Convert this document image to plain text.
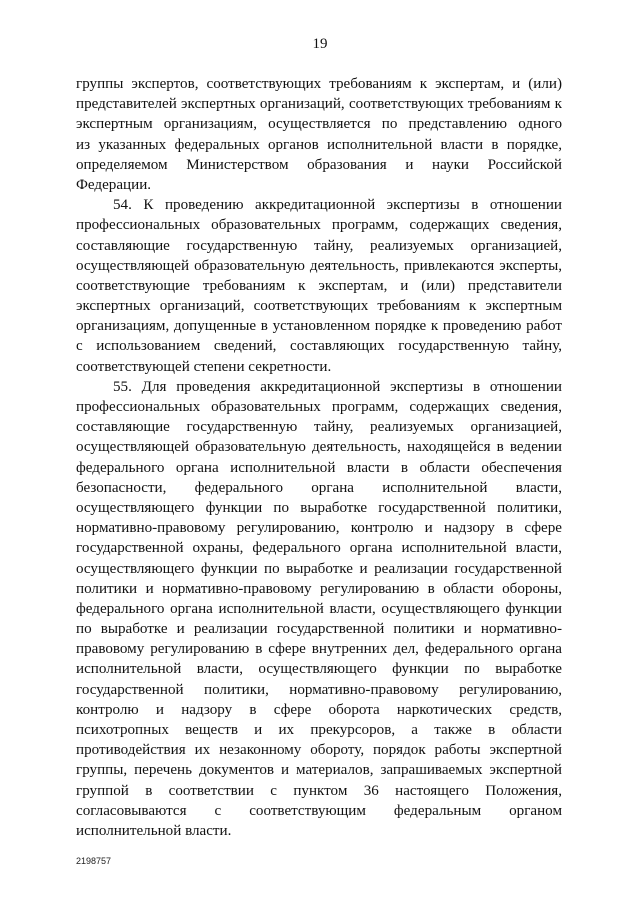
19
группы экспертов, соответствующих требованиям к экспертам, и (или)
представителей экспертных организаций, соответствующих требованиям к
экспертным организациям, осуществляется по представлению одного
из указанных федеральных органов исполнительной власти в порядке,
определяемом Министерством образования и науки Российской
Федерации.
54. К проведению аккредитационной экспертизы в отношении
профессиональных образовательных программ, содержащих сведения,
составляющие государственную тайну, реализуемых организацией,
осуществляющей образовательную деятельность, привлекаются эксперты,
соответствующие требованиям к экспертам, и (или) представители
экспертных организаций, соответствующих требованиям к экспертным
организациям, допущенные в установленном порядке к проведению работ
с использованием сведений, составляющих государственную тайну,
соответствующей степени секретности.
55. Для проведения аккредитационной экспертизы в отношении
профессиональных образовательных программ, содержащих сведения,
составляющие государственную тайну, реализуемых организацией,
осуществляющей образовательную деятельность, находящейся в ведении
федерального органа исполнительной власти в области обеспечения
безопасности, федерального органа исполнительной власти,
осуществляющего функции по выработке государственной политики,
нормативно-правовому регулированию, контролю и надзору в сфере
государственной охраны, федерального органа исполнительной власти,
осуществляющего функции по выработке и реализации государственной
политики и нормативно-правовому регулированию в области обороны,
федерального органа исполнительной власти, осуществляющего функции
по выработке и реализации государственной политики и нормативно-
правовому регулированию в сфере внутренних дел, федерального органа
исполнительной власти, осуществляющего функции по выработке
государственной политики, нормативно-правовому регулированию,
контролю и надзору в сфере оборота наркотических средств,
психотропных веществ и их прекурсоров, а также в области
противодействия их незаконному обороту, порядок работы экспертной
группы, перечень документов и материалов, запрашиваемых экспертной
группой в соответствии с пунктом 36 настоящего Положения,
согласовываются с соответствующим федеральным органом
исполнительной власти.
2198757
